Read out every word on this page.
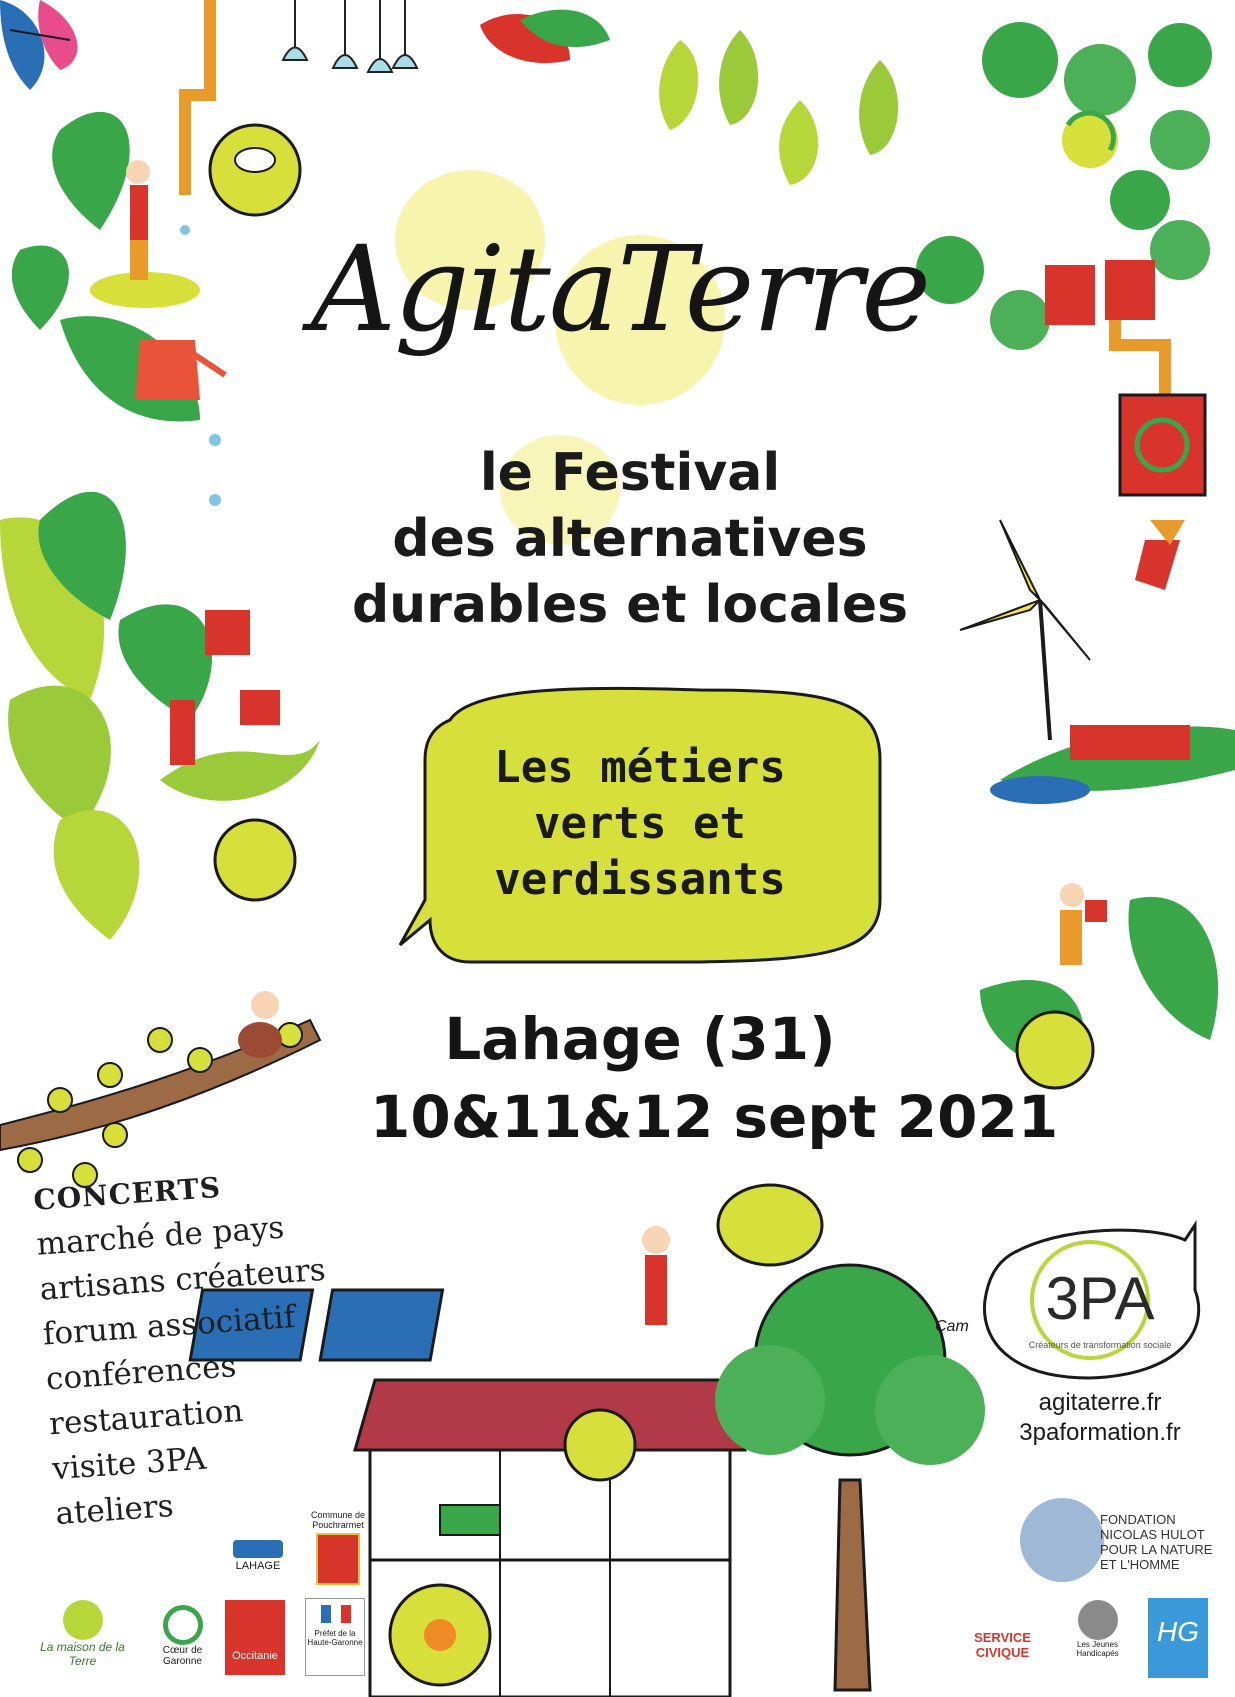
AgitaTerre
le Festival
des alternatives
durables et locales
Les métiers
verts et
verdissants
Lahage (31)
10&11&12 sept 2021
CONCERTS
marché de pays
artisans créateurs
forum associatif
conférences
restauration
visite 3PA
ateliers
3PA
Créateurs de transformation sociale
Cam
agitaterre.fr
3paformation.fr
FONDATION
NICOLAS HULOT
POUR LA NATURE
ET L'HOMME
LAHAGE
Commune de Pouchrarmet
La maison de la Terre
Cœur de Garonne	Occitanie
Préfet de la Haute-Garonne	SERVICE CIVIQUE
Les Jeunes Handicapés
HG
